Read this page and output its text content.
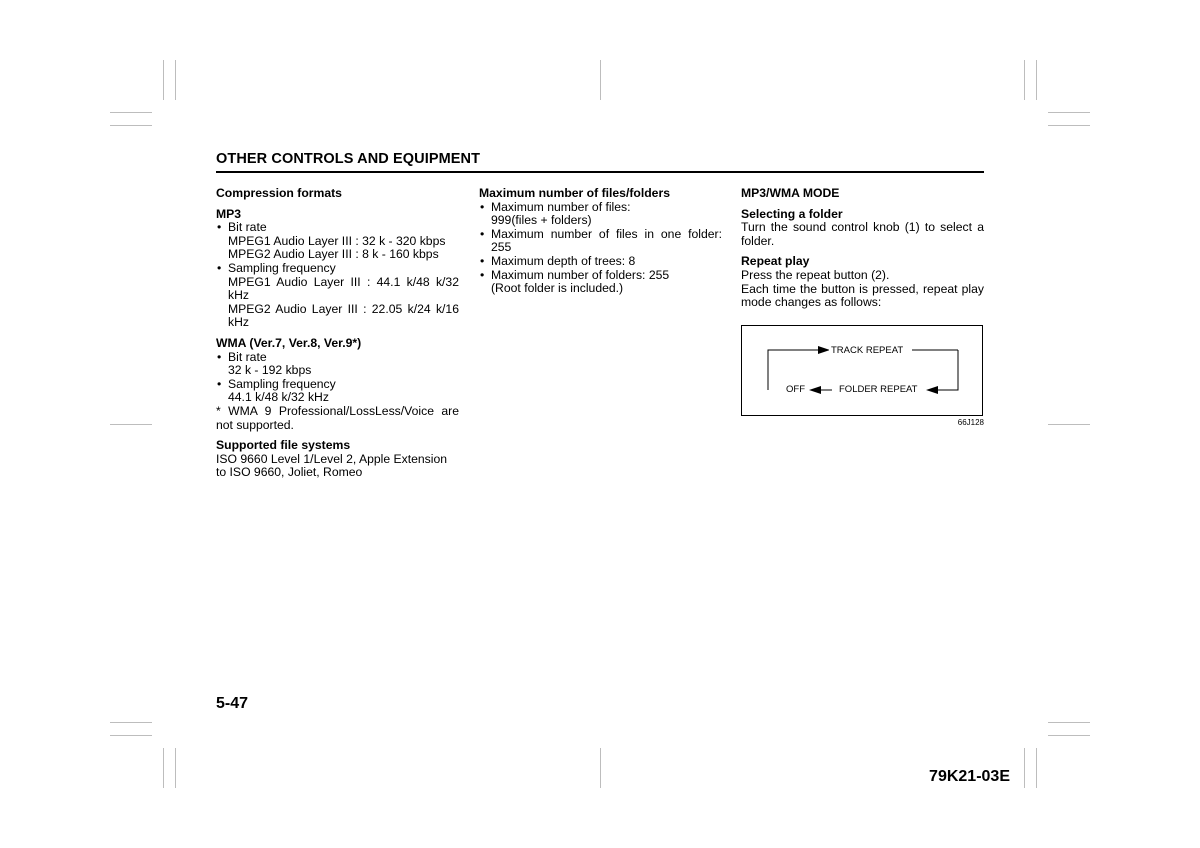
OTHER CONTROLS AND EQUIPMENT

Compression formats

MP3

• Bit rate

MPEG1 Audio Layer III : 32 k - 320 kbps

MPEG2 Audio Layer III : 8 k - 160 kbps

• Sampling frequency

MPEG1 Audio Layer III : 44.1 k/48 k/32 kHz

MPEG2 Audio Layer III : 22.05 k/24 k/16 kHz

WMA (Ver.7, Ver.8, Ver.9*)

• Bit rate

32 k - 192 kbps

• Sampling frequency

44.1 k/48 k/32 kHz

* WMA 9 Professional/LossLess/Voice are not supported.

Supported file systems

ISO 9660 Level 1/Level 2, Apple Extension to ISO 9660, Joliet, Romeo

Maximum number of files/folders

• Maximum number of files:

999(files + folders)

• Maximum number of files in one folder: 255

• Maximum depth of trees: 8

• Maximum number of folders: 255

(Root folder is included.)

MP3/WMA MODE

Selecting a folder

Turn the sound control knob (1) to select a folder.

Repeat play

Press the repeat button (2).

Each time the button is pressed, repeat play mode changes as follows:

TRACK REPEAT
OFF	FOLDER REPEAT
66J128
5-47
79K21-03E
